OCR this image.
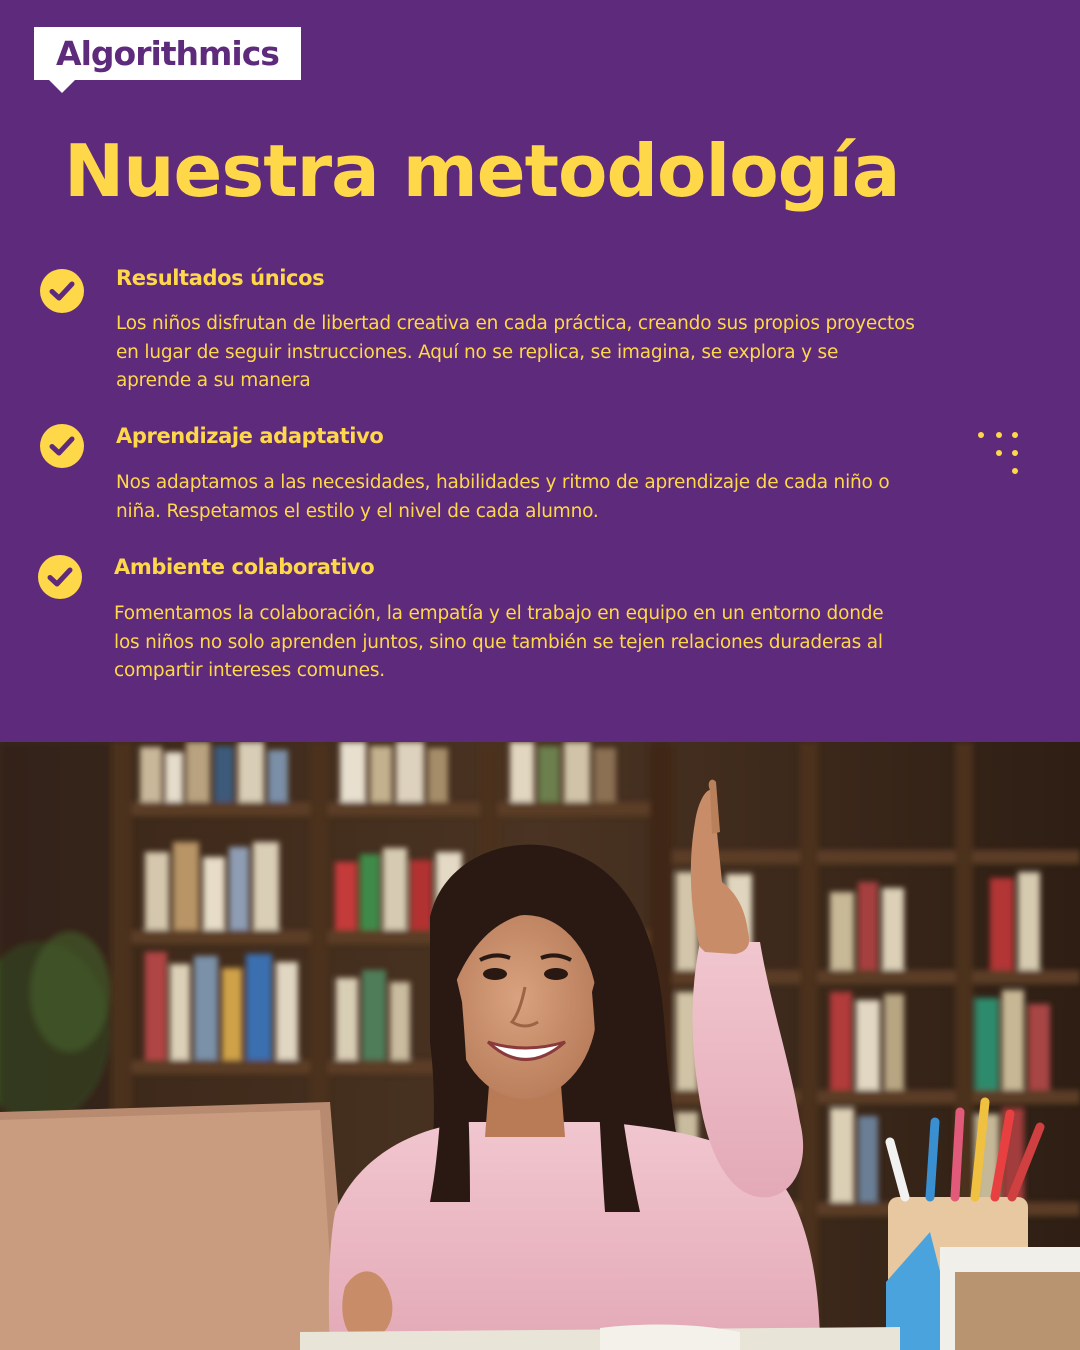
Algorithmics
Nuestra metodología
Resultados únicos

Los niños disfrutan de libertad creativa en cada práctica, creando sus propios proyectos en lugar de seguir instrucciones. Aquí no se replica, se imagina, se explora y se aprende a su manera

Aprendizaje adaptativo

Nos adaptamos a las necesidades, habilidades y ritmo de aprendizaje de cada niño o niña. Respetamos el estilo y el nivel de cada alumno.

Ambiente colaborativo

Fomentamos la colaboración, la empatía y el trabajo en equipo en un entorno donde los niños no solo aprenden juntos, sino que también se tejen relaciones duraderas al compartir intereses comunes.
